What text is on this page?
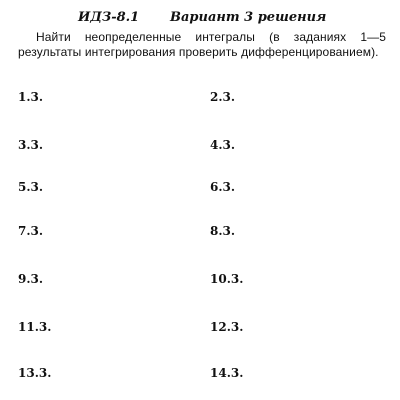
ИДЗ-8.1 Вариант 3 решения
Найти неопределенные интегралы (в заданиях 1—5 результаты интегрирования проверить дифференцированием).
1.3.	2.3.
3.3.	4.3.
5.3.	6.3.
7.3.	8.3.
9.3.	10.3.
11.3.	12.3.
13.3.	14.3.
